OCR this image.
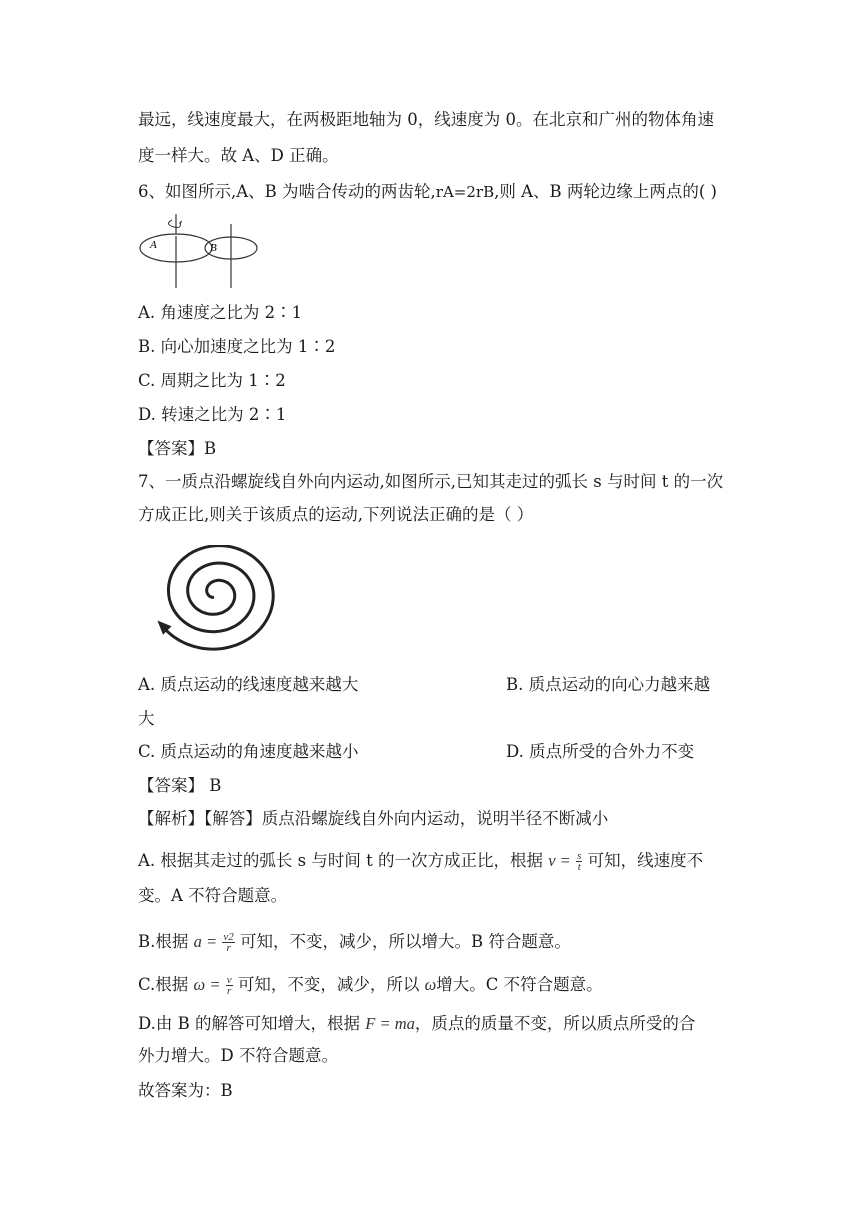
最远，线速度最大，在两极距地轴为 0，线速度为 0。在北京和广州的物体角速
度一样大。故 A、D 正确。
6、如图所示,A、B 为啮合传动的两齿轮,rA=2rB,则 A、B 两轮边缘上两点的( )
A	B
A. 角速度之比为 2∶1
B. 向心加速度之比为 1∶2
C. 周期之比为 1∶2
D. 转速之比为 2∶1
【答案】B
7、一质点沿螺旋线自外向内运动,如图所示,已知其走过的弧长 s 与时间 t 的一次
方成正比,则关于该质点的运动,下列说法正确的是（ ）
A. 质点运动的线速度越来越大	B. 质点运动的向心力越来越
大
C. 质点运动的角速度越来越小	D. 质点所受的合外力不变
【答案】 B
【解析】【解答】质点沿螺旋线自外向内运动，说明半径不断减小
A. 根据其走过的弧长 s 与时间 t 的一次方成正比，根据 $v = \frac{s}{t}$ 可知，线速度不
变。A 不符合题意。
B.根据 $a = \frac{v2}{r}$ 可知，不变，减少，所以增大。B 符合题意。
C.根据 $\omega = \frac{v}{r}$ 可知，不变，减少，所以 ω增大。C 不符合题意。
D.由 B 的解答可知增大，根据 F = ma，质点的质量不变，所以质点所受的合
外力增大。D 不符合题意。
故答案为：B
